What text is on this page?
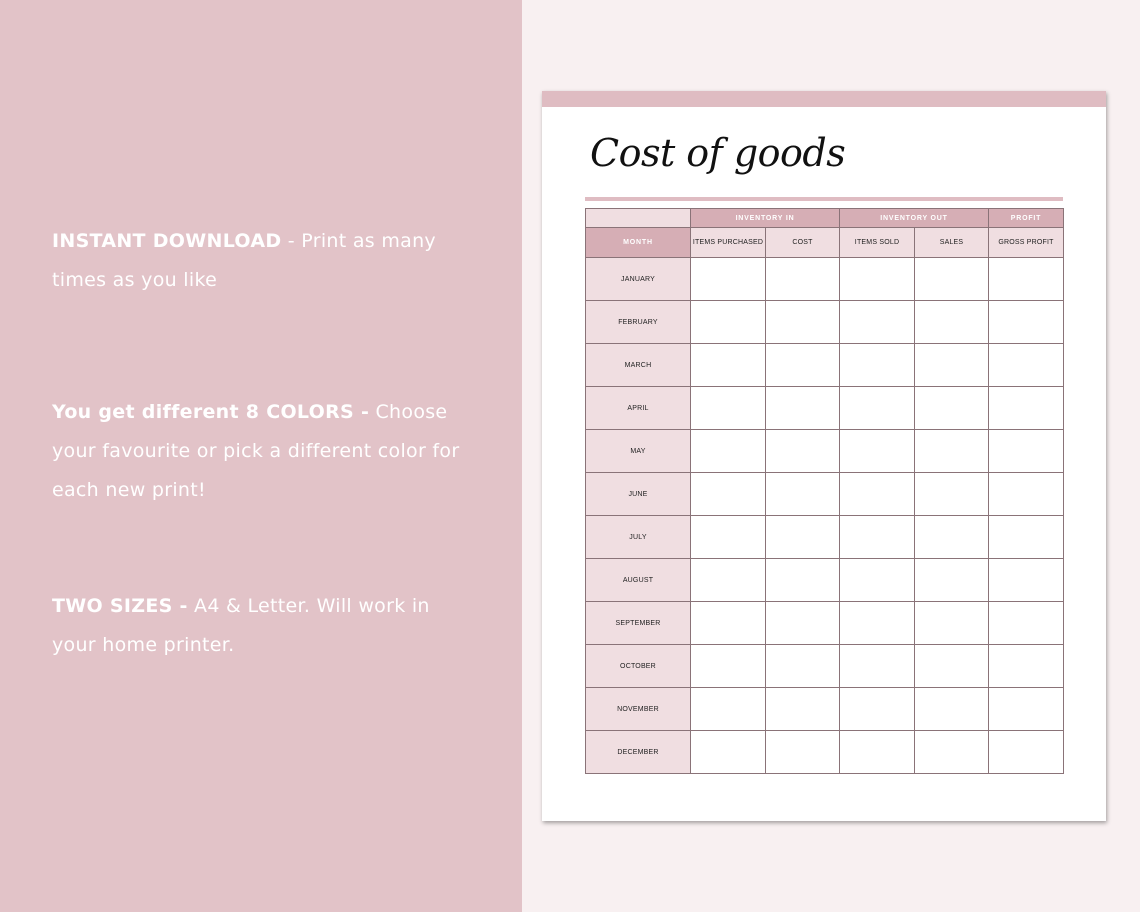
INSTANT DOWNLOAD - Print as many times as you like
You get different 8 COLORS - Choose your favourite or pick a different color for each new print!
TWO SIZES - A4 & Letter. Will work in your home printer.
Cost of goods
	INVENTORY IN		INVENTORY OUT		PROFIT
MONTH	ITEMS PURCHASED	COST	ITEMS SOLD	SALES	GROSS PROFIT
JANUARY					
FEBRUARY					
MARCH					
APRIL					
MAY					
JUNE					
JULY					
AUGUST					
SEPTEMBER					
OCTOBER					
NOVEMBER					
DECEMBER					
